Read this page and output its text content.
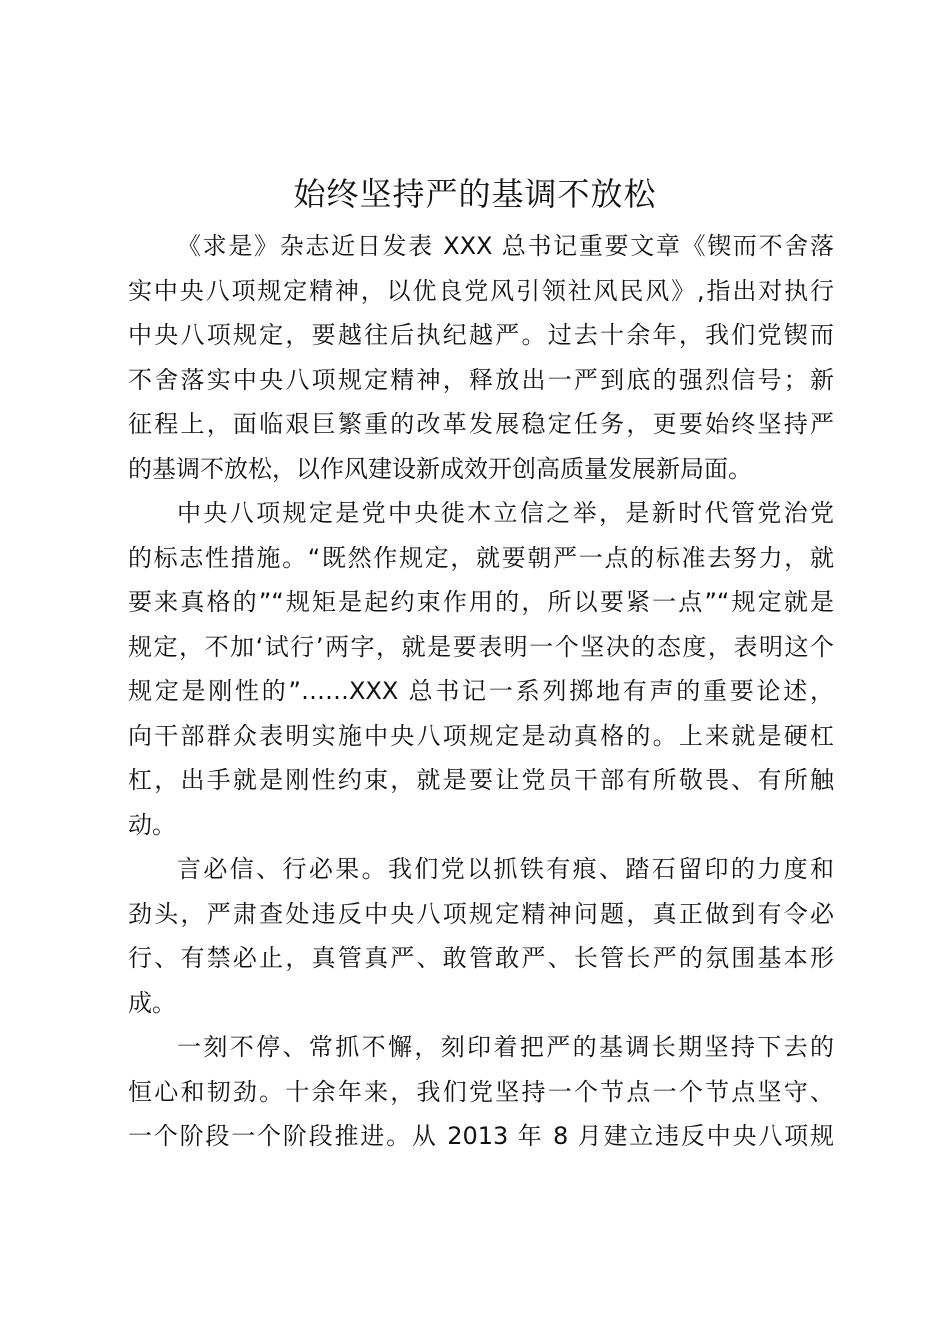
始终坚持严的基调不放松
《求是》杂志近日发表 XXX 总书记重要文章《锲而不舍落
实中央八项规定精神，以优良党风引领社风民风》,指出对执行
中央八项规定，要越往后执纪越严。过去十余年，我们党锲而
不舍落实中央八项规定精神，释放出一严到底的强烈信号；新
征程上，面临艰巨繁重的改革发展稳定任务，更要始终坚持严
的基调不放松，以作风建设新成效开创高质量发展新局面。
中央八项规定是党中央徙木立信之举，是新时代管党治党
的标志性措施。“既然作规定，就要朝严一点的标准去努力，就
要来真格的”“规矩是起约束作用的，所以要紧一点”“规定就是
规定，不加‘试行’两字，就是要表明一个坚决的态度，表明这个
规定是刚性的”……XXX 总书记一系列掷地有声的重要论述，
向干部群众表明实施中央八项规定是动真格的。上来就是硬杠
杠，出手就是刚性约束，就是要让党员干部有所敬畏、有所触
动。
言必信、行必果。我们党以抓铁有痕、踏石留印的力度和
劲头，严肃查处违反中央八项规定精神问题，真正做到有令必
行、有禁必止，真管真严、敢管敢严、长管长严的氛围基本形
成。
一刻不停、常抓不懈，刻印着把严的基调长期坚持下去的
恒心和韧劲。十余年来，我们党坚持一个节点一个节点坚守、
一个阶段一个阶段推进。从 2013 年 8 月建立违反中央八项规
